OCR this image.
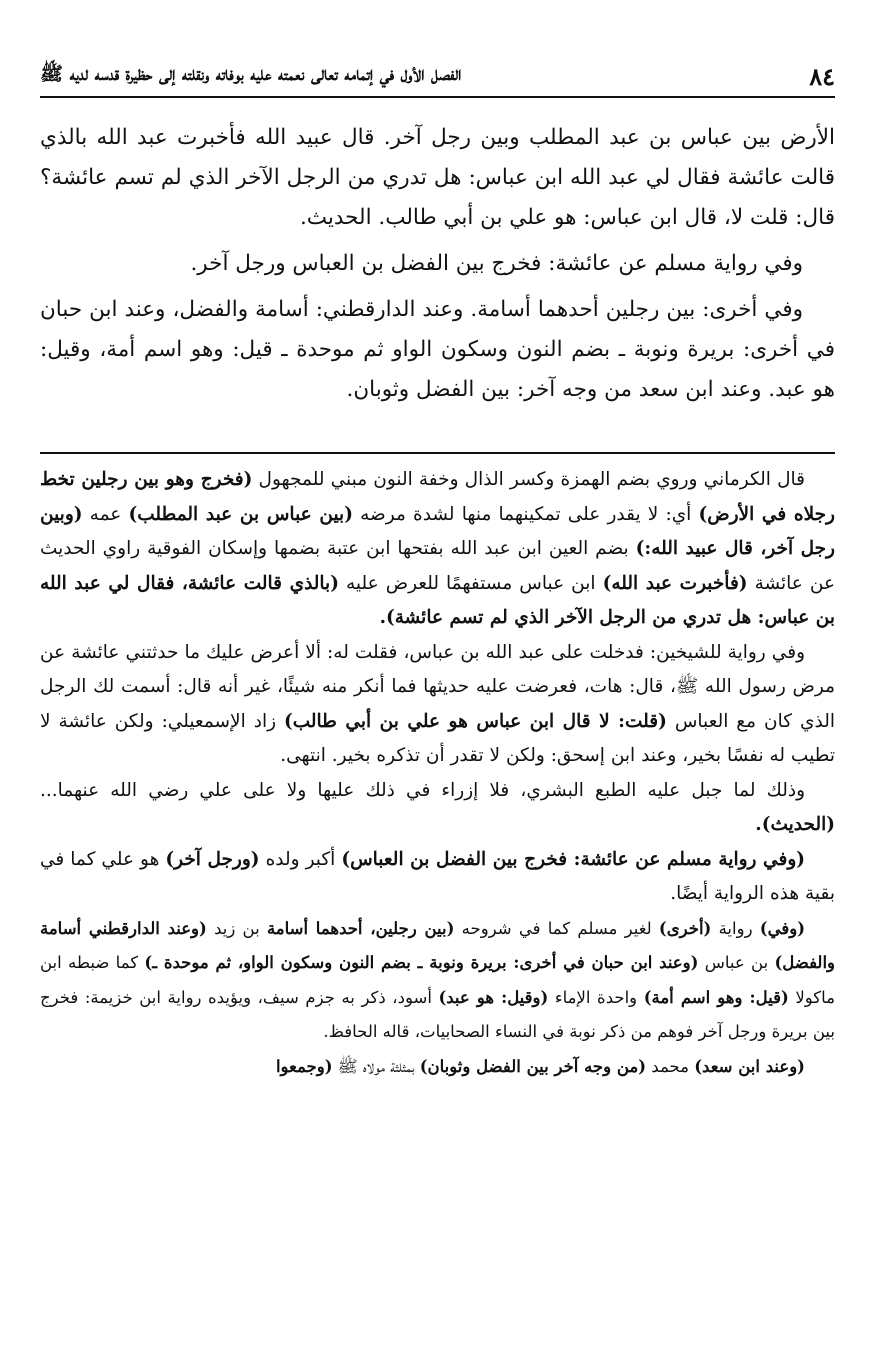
٨٤
الفصل الأول في إتمامه تعالى نعمته عليه بوفاته ونقلته إلى حظيرة قدسه لديه ﷺ

الأرض بين عباس بن عبد المطلب وبين رجل آخر. قال عبيد الله فأخبرت عبد الله بالذي قالت عائشة فقال لي عبد الله ابن عباس: هل تدري من الرجل الآخر الذي لم تسم عائشة؟ قال: قلت لا، قال ابن عباس: هو علي بن أبي طالب. الحديث.

وفي رواية مسلم عن عائشة: فخرج بين الفضل بن العباس ورجل آخر.

وفي أخرى: بين رجلين أحدهما أسامة. وعند الدارقطني: أسامة والفضل، وعند ابن حبان في أخرى: بريرة ونوبة ـ بضم النون وسكون الواو ثم موحدة ـ قيل: وهو اسم أمة، وقيل: هو عبد. وعند ابن سعد من وجه آخر: بين الفضل وثوبان.

قال الكرماني وروي بضم الهمزة وكسر الذال وخفة النون مبني للمجهول (فخرج وهو بين رجلين تخط رجلاه في الأرض) أي: لا يقدر على تمكينهما منها لشدة مرضه (بين عباس بن عبد المطلب) عمه (وبين رجل آخر، قال عبيد الله:) بضم العين ابن عبد الله بفتحها ابن عتبة بضمها وإسكان الفوقية راوي الحديث عن عائشة (فأخبرت عبد الله) ابن عباس مستفهمًا للعرض عليه (بالذي قالت عائشة، فقال لي عبد الله بن عباس: هل تدري من الرجل الآخر الذي لم تسم عائشة).

وفي رواية للشيخين: فدخلت على عبد الله بن عباس، فقلت له: ألا أعرض عليك ما حدثتني عائشة عن مرض رسول الله ﷺ، قال: هات، فعرضت عليه حديثها فما أنكر منه شيئًا، غير أنه قال: أسمت لك الرجل الذي كان مع العباس (قلت: لا قال ابن عباس هو علي بن أبي طالب) زاد الإسمعيلي: ولكن عائشة لا تطيب له نفسًا بخير، وعند ابن إسحق: ولكن لا تقدر أن تذكره بخير. انتهى.

وذلك لما جبل عليه الطبع البشري، فلا إزراء في ذلك عليها ولا على علي رضي الله عنهما... (الحديث).

(وفي رواية مسلم عن عائشة: فخرج بين الفضل بن العباس) أكبر ولده (ورجل آخر) هو علي كما في بقية هذه الرواية أيضًا.

(وفي) رواية (أخرى) لغير مسلم كما في شروحه (بين رجلين، أحدهما أسامة بن زيد (وعند الدارقطني أسامة والفضل) بن عباس (وعند ابن حبان في أخرى: بريرة ونوبة ـ بضم النون وسكون الواو، ثم موحدة ـ) كما ضبطه ابن ماكولا (قيل: وهو اسم أمة) واحدة الإماء (وقيل: هو عبد) أسود، ذكر به جزم سيف، ويؤيده رواية ابن خزيمة: فخرج بين بريرة ورجل آخر فوهم من ذكر نوبة في النساء الصحابيات، قاله الحافظ.

(وعند ابن سعد) محمد (من وجه آخر بين الفضل وثوبان) بمثلثة مولاه ﷺ (وجمعوا
